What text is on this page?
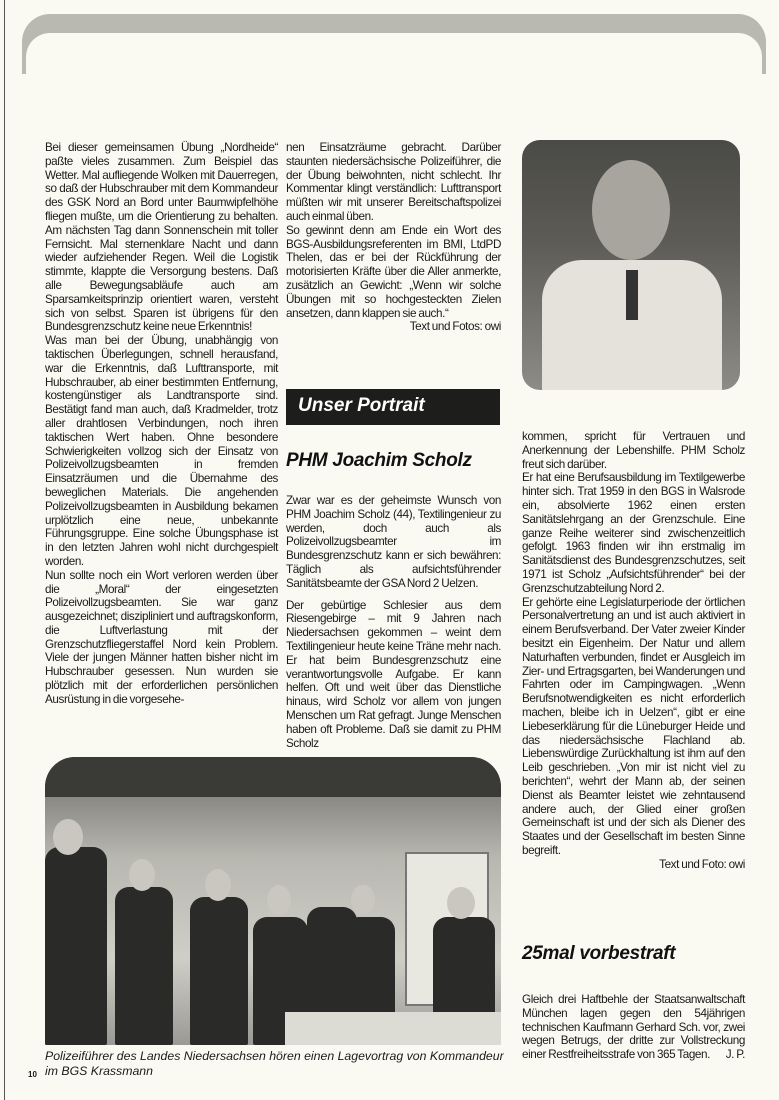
Bei dieser gemeinsamen Übung „Nordheide“ paßte vieles zusammen. Zum Beispiel das Wetter. Mal aufliegende Wolken mit Dauerregen, so daß der Hubschrauber mit dem Kommandeur des GSK Nord an Bord unter Baumwipfelhöhe fliegen mußte, um die Orientierung zu behalten. Am nächsten Tag dann Sonnenschein mit toller Fernsicht. Mal sternenklare Nacht und dann wieder aufziehender Regen. Weil die Logistik stimmte, klappte die Versorgung bestens. Daß alle Bewegungsabläufe auch am Sparsamkeitsprinzip orientiert waren, versteht sich von selbst. Sparen ist übrigens für den Bundesgrenzschutz keine neue Erkenntnis!

Was man bei der Übung, unabhängig von taktischen Überlegungen, schnell herausfand, war die Erkenntnis, daß Lufttransporte, mit Hubschrauber, ab einer bestimmten Entfernung, kostengünstiger als Landtransporte sind. Bestätigt fand man auch, daß Kradmelder, trotz aller drahtlosen Verbindungen, noch ihren taktischen Wert haben. Ohne besondere Schwierigkeiten vollzog sich der Einsatz von Polizeivollzugsbeamten in fremden Einsatzräumen und die Übernahme des beweglichen Materials. Die angehenden Polizeivollzugsbeamten in Ausbildung bekamen urplötzlich eine neue, unbekannte Führungsgruppe. Eine solche Übungsphase ist in den letzten Jahren wohl nicht durchgespielt worden.

Nun sollte noch ein Wort verloren werden über die „Moral“ der eingesetzten Polizeivollzugsbeamten. Sie war ganz ausgezeichnet; diszipliniert und auftragskonform, die Luftverlastung mit der Grenzschutzfliegerstaffel Nord kein Problem. Viele der jungen Männer hatten bisher nicht im Hubschrauber gesessen. Nun wurden sie plötzlich mit der erforderlichen persönlichen Ausrüstung in die vorgesehe-

nen Einsatzräume gebracht. Darüber staunten niedersächsische Polizeiführer, die der Übung beiwohnten, nicht schlecht. Ihr Kommentar klingt verständlich: Lufttransport müßten wir mit unserer Bereitschaftspolizei auch einmal üben.

So gewinnt denn am Ende ein Wort des BGS-Ausbildungsreferenten im BMI, LtdPD Thelen, das er bei der Rückführung der motorisierten Kräfte über die Aller anmerkte, zusätzlich an Gewicht: „Wenn wir solche Übungen mit so hochgesteckten Zielen ansetzen, dann klappen sie auch.“

Text und Fotos: owi

Unser Portrait
PHM Joachim Scholz

Zwar war es der geheimste Wunsch von PHM Joachim Scholz (44), Textilingenieur zu werden, doch auch als Polizeivollzugsbeamter im Bundesgrenzschutz kann er sich bewähren: Täglich als aufsichtsführender Sanitätsbeamte der GSA Nord 2 Uelzen.

Der gebürtige Schlesier aus dem Riesengebirge – mit 9 Jahren nach Niedersachsen gekommen – weint dem Textilingenieur heute keine Träne mehr nach. Er hat beim Bundesgrenzschutz eine verantwortungsvolle Aufgabe. Er kann helfen. Oft und weit über das Dienstliche hinaus, wird Scholz vor allem von jungen Menschen um Rat gefragt. Junge Menschen haben oft Probleme. Daß sie damit zu PHM Scholz

kommen, spricht für Vertrauen und Anerkennung der Lebenshilfe. PHM Scholz freut sich darüber.

Er hat eine Berufsausbildung im Textilgewerbe hinter sich. Trat 1959 in den BGS in Walsrode ein, absolvierte 1962 einen ersten Sanitätslehrgang an der Grenzschule. Eine ganze Reihe weiterer sind zwischenzeitlich gefolgt. 1963 finden wir ihn erstmalig im Sanitätsdienst des Bundesgrenzschutzes, seit 1971 ist Scholz „Aufsichtsführender“ bei der Grenzschutzabteilung Nord 2.

Er gehörte eine Legislaturperiode der örtlichen Personalvertretung an und ist auch aktiviert in einem Berufsverband. Der Vater zweier Kinder besitzt ein Eigenheim. Der Natur und allem Naturhaften verbunden, findet er Ausgleich im Zier- und Ertragsgarten, bei Wanderungen und Fahrten oder im Campingwagen. „Wenn Berufsnotwendigkeiten es nicht erforderlich machen, bleibe ich in Uelzen“, gibt er eine Liebeserklärung für die Lüneburger Heide und das niedersächsische Flachland ab. Liebenswürdige Zurückhaltung ist ihm auf den Leib geschrieben. „Von mir ist nicht viel zu berichten“, wehrt der Mann ab, der seinen Dienst als Beamter leistet wie zehntausend andere auch, der Glied einer großen Gemeinschaft ist und der sich als Diener des Staates und der Gesellschaft im besten Sinne begreift.

Text und Foto: owi

25mal vorbestraft

Gleich drei Haftbehle der Staatsanwaltschaft München lagen gegen den 54jährigen technischen Kaufmann Gerhard Sch. vor, zwei wegen Betrugs, der dritte zur Vollstreckung einer Restfreiheitsstrafe von 365 Tagen. J. P.

Polizeiführer des Landes Niedersachsen hören einen Lagevortrag von Kommandeur im BGS Krassmann
10
